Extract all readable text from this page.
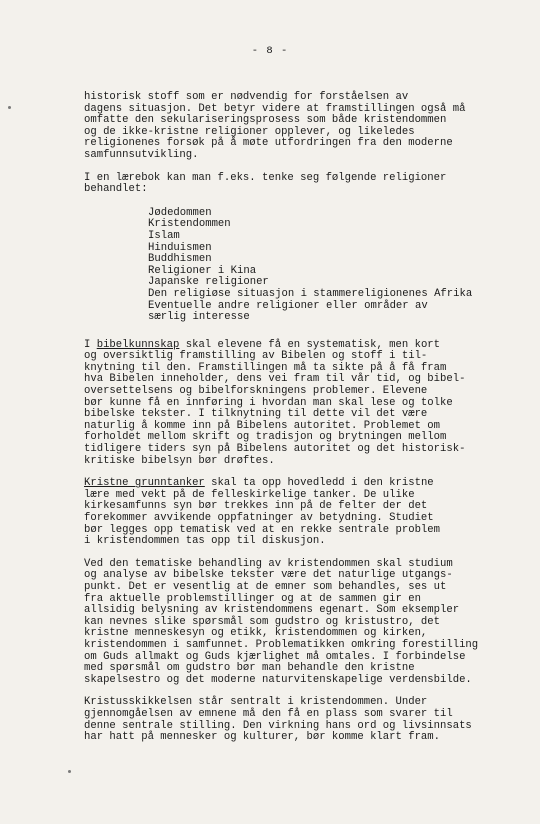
- 8 -

historisk stoff som er nødvendig for forståelsen av
dagens situasjon. Det betyr videre at framstillingen også må
omfatte den sekulariseringsprosess som både kristendommen
og de ikke-kristne religioner opplever, og likeledes
religionenes forsøk på å møte utfordringen fra den moderne
samfunnsutvikling.

I en lærebok kan man f.eks. tenke seg følgende religioner
behandlet:

Jødedommen
Kristendommen
Islam
Hinduismen
Buddhismen
Religioner i Kina
Japanske religioner
Den religiøse situasjon i stammereligionenes Afrika
Eventuelle andre religioner eller områder av
særlig interesse

I bibelkunnskap skal elevene få en systematisk, men kort
og oversiktlig framstilling av Bibelen og stoff i til-
knytning til den. Framstillingen må ta sikte på å få fram
hva Bibelen inneholder, dens vei fram til vår tid, og bibel-
oversettelsens og bibelforskningens problemer. Elevene
bør kunne få en innføring i hvordan man skal lese og tolke
bibelske tekster. I tilknytning til dette vil det være
naturlig å komme inn på Bibelens autoritet. Problemet om
forholdet mellom skrift og tradisjon og brytningen mellom
tidligere tiders syn på Bibelens autoritet og det historisk-
kritiske bibelsyn bør drøftes.

Kristne grunntanker skal ta opp hovedledd i den kristne
lære med vekt på de felleskirkelige tanker. De ulike
kirkesamfunns syn bør trekkes inn på de felter der det
forekommer avvikende oppfatninger av betydning. Studiet
bør legges opp tematisk ved at en rekke sentrale problem
i kristendommen tas opp til diskusjon.

Ved den tematiske behandling av kristendommen skal studium
og analyse av bibelske tekster være det naturlige utgangs-
punkt. Det er vesentlig at de emner som behandles, ses ut
fra aktuelle problemstillinger og at de sammen gir en
allsidig belysning av kristendommens egenart. Som eksempler
kan nevnes slike spørsmål som gudstro og kristustro, det
kristne menneskesyn og etikk, kristendommen og kirken,
kristendommen i samfunnet. Problematikken omkring forestilling
om Guds allmakt og Guds kjærlighet må omtales. I forbindelse
med spørsmål om gudstro bør man behandle den kristne
skapelsestro og det moderne naturvitenskapelige verdensbilde.

Kristusskikkelsen står sentralt i kristendommen. Under
gjennomgåelsen av emnene må den få en plass som svarer til
denne sentrale stilling. Den virkning hans ord og livsinnsats
har hatt på mennesker og kulturer, bør komme klart fram.
